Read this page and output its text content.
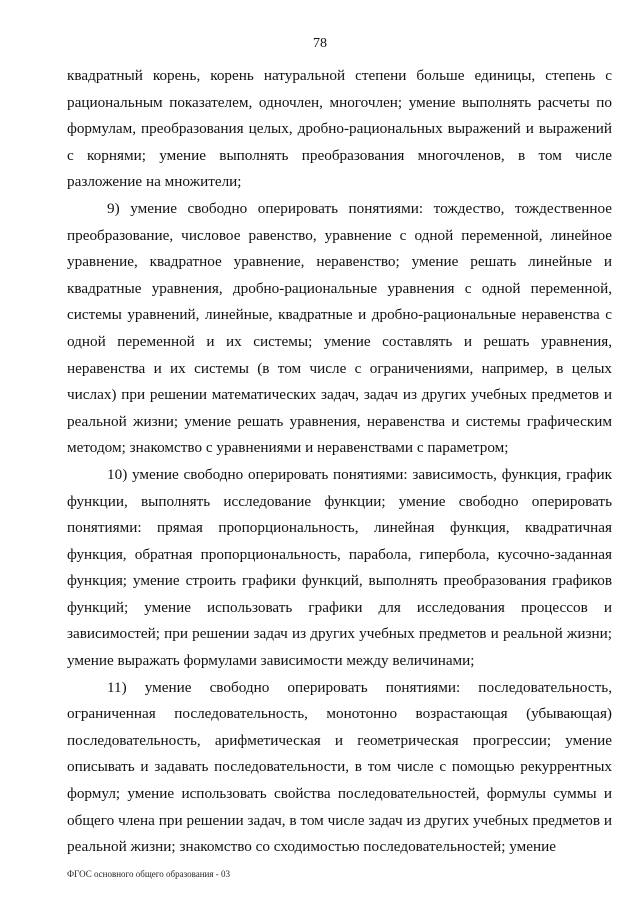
78

квадратный корень, корень натуральной степени больше единицы, степень с рациональным показателем, одночлен, многочлен; умение выполнять расчеты по формулам, преобразования целых, дробно-рациональных выражений и выражений с корнями; умение выполнять преобразования многочленов, в том числе разложение на множители;

9) умение свободно оперировать понятиями: тождество, тождественное преобразование, числовое равенство, уравнение с одной переменной, линейное уравнение, квадратное уравнение, неравенство; умение решать линейные и квадратные уравнения, дробно-рациональные уравнения с одной переменной, системы уравнений, линейные, квадратные и дробно-рациональные неравенства с одной переменной и их системы; умение составлять и решать уравнения, неравенства и их системы (в том числе с ограничениями, например, в целых числах) при решении математических задач, задач из других учебных предметов и реальной жизни; умение решать уравнения, неравенства и системы графическим методом; знакомство с уравнениями и неравенствами с параметром;

10) умение свободно оперировать понятиями: зависимость, функция, график функции, выполнять исследование функции; умение свободно оперировать понятиями: прямая пропорциональность, линейная функция, квадратичная функция, обратная пропорциональность, парабола, гипербола, кусочно-заданная функция; умение строить графики функций, выполнять преобразования графиков функций; умение использовать графики для исследования процессов и зависимостей; при решении задач из других учебных предметов и реальной жизни; умение выражать формулами зависимости между величинами;

11) умение свободно оперировать понятиями: последовательность, ограниченная последовательность, монотонно возрастающая (убывающая) последовательность, арифметическая и геометрическая прогрессии; умение описывать и задавать последовательности, в том числе с помощью рекуррентных формул; умение использовать свойства последовательностей, формулы суммы и общего члена при решении задач, в том числе задач из других учебных предметов и реальной жизни; знакомство со сходимостью последовательностей; умение

ФГОС основного общего образования - 03
